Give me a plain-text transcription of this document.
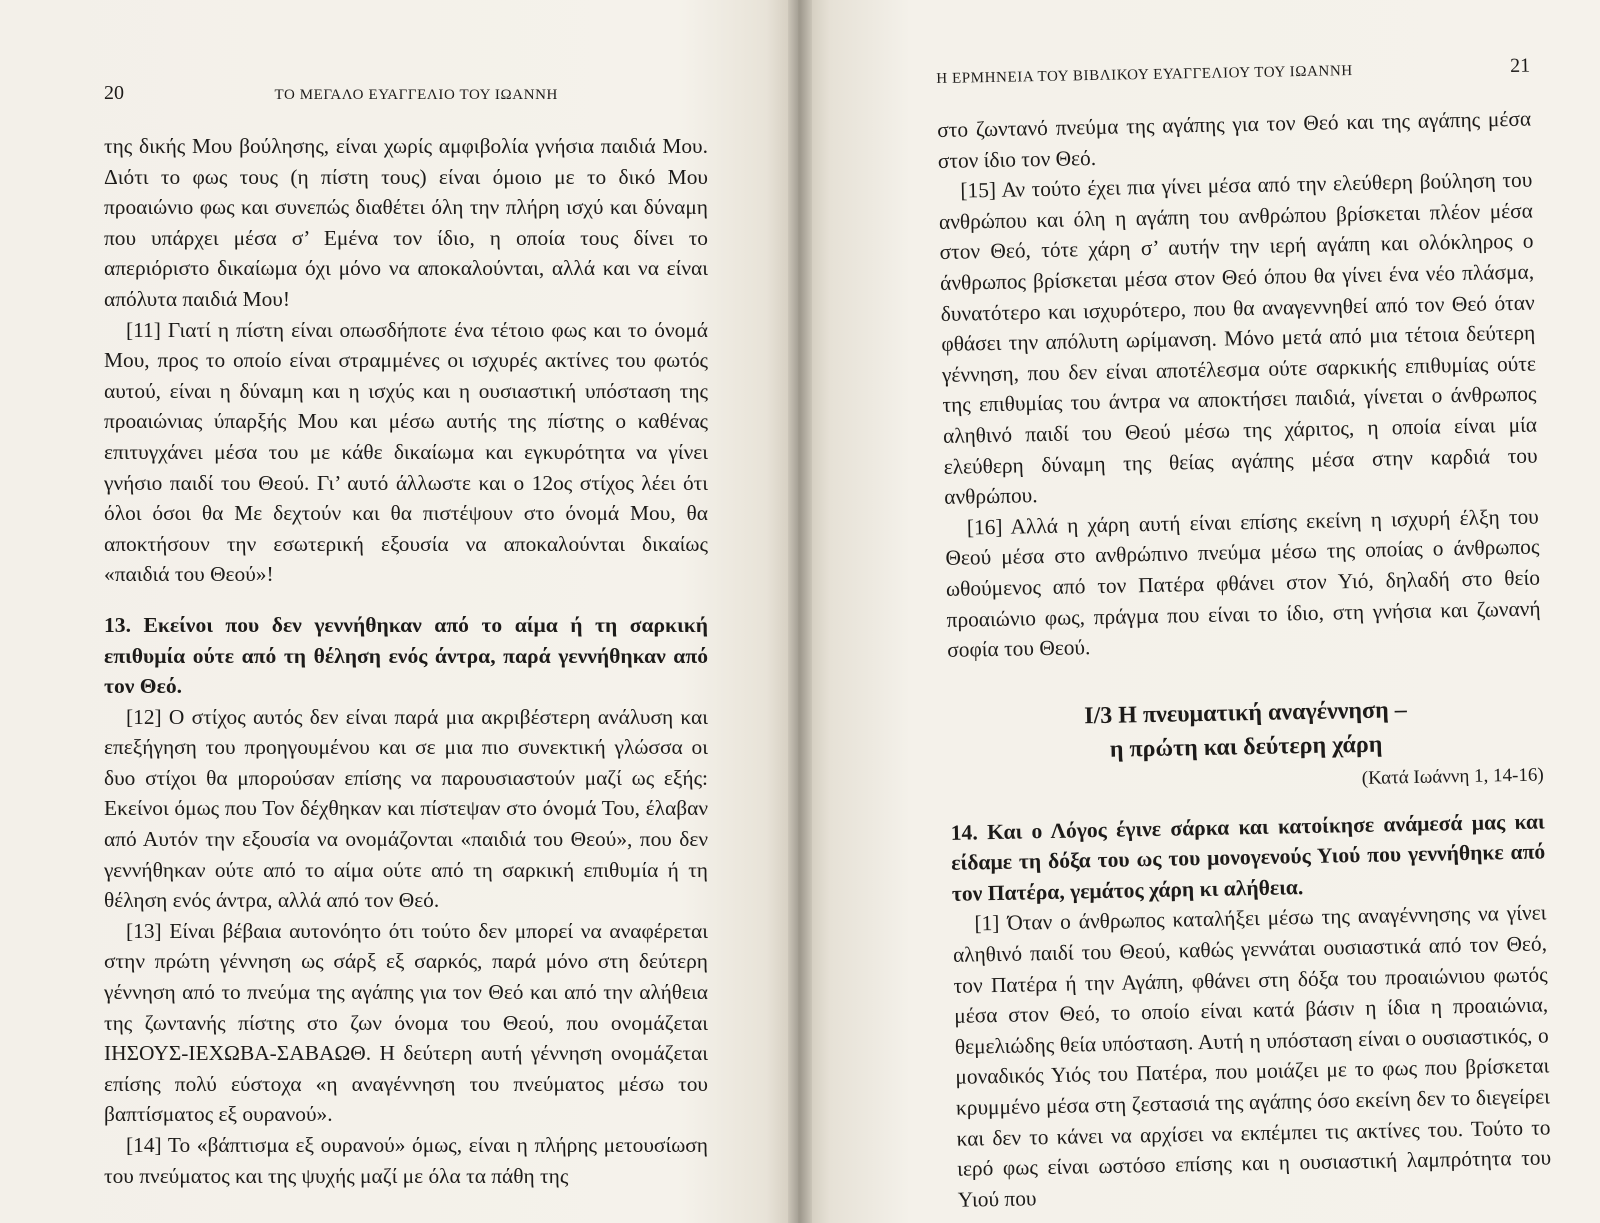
20	ΤΟ ΜΕΓΑΛΟ ΕΥΑΓΓΕΛΙΟ ΤΟΥ ΙΩΑΝΝΗ

της δικής Μου βούλησης, είναι χωρίς αμφιβολία γνήσια παιδιά Μου. Διότι το φως τους (η πίστη τους) είναι όμοιο με το δικό Μου προαιώνιο φως και συνεπώς διαθέτει όλη την πλήρη ισχύ και δύναμη που υπάρχει μέσα σ’ Εμένα τον ίδιο, η οποία τους δίνει το απεριόριστο δικαίωμα όχι μόνο να αποκαλούνται, αλλά και να είναι απόλυτα παιδιά Μου!

[11] Γιατί η πίστη είναι οπωσδήποτε ένα τέτοιο φως και το όνομά Μου, προς το οποίο είναι στραμμένες οι ισχυρές ακτίνες του φωτός αυτού, είναι η δύναμη και η ισχύς και η ουσιαστική υπόσταση της προαιώνιας ύπαρξής Μου και μέσω αυτής της πίστης ο καθένας επιτυγχάνει μέσα του με κάθε δικαίωμα και εγκυρότητα να γίνει γνήσιο παιδί του Θεού. Γι’ αυτό άλλωστε και ο 12ος στίχος λέει ότι όλοι όσοι θα Με δεχτούν και θα πιστέψουν στο όνομά Μου, θα αποκτήσουν την εσωτερική εξουσία να αποκαλούνται δικαίως «παιδιά του Θεού»!

13. Εκείνοι που δεν γεννήθηκαν από το αίμα ή τη σαρκική επιθυμία ούτε από τη θέληση ενός άντρα, παρά γεννήθηκαν από τον Θεό.

[12] Ο στίχος αυτός δεν είναι παρά μια ακριβέστερη ανάλυση και επεξήγηση του προηγουμένου και σε μια πιο συνεκτική γλώσσα οι δυο στίχοι θα μπορούσαν επίσης να παρουσιαστούν μαζί ως εξής: Εκείνοι όμως που Τον δέχθηκαν και πίστεψαν στο όνομά Του, έλαβαν από Αυτόν την εξουσία να ονομάζονται «παιδιά του Θεού», που δεν γεννήθηκαν ούτε από το αίμα ούτε από τη σαρκική επιθυμία ή τη θέληση ενός άντρα, αλλά από τον Θεό.

[13] Είναι βέβαια αυτονόητο ότι τούτο δεν μπορεί να αναφέρεται στην πρώτη γέννηση ως σάρξ εξ σαρκός, παρά μόνο στη δεύτερη γέννηση από το πνεύμα της αγάπης για τον Θεό και από την αλήθεια της ζωντανής πίστης στο ζων όνομα του Θεού, που ονομάζεται ΙΗΣΟΥΣ-ΙΕΧΩΒΑ-ΣΑΒΑΩΘ. Η δεύτερη αυτή γέννηση ονομάζεται επίσης πολύ εύστοχα «η αναγέννηση του πνεύματος μέσω του βαπτίσματος εξ ουρανού».

[14] Το «βάπτισμα εξ ουρανού» όμως, είναι η πλήρης μετουσίωση του πνεύματος και της ψυχής μαζί με όλα τα πάθη της

Η ΕΡΜΗΝΕΙΑ ΤΟΥ ΒΙΒΛΙΚΟΥ ΕΥΑΓΓΕΛΙΟΥ ΤΟΥ ΙΩΑΝΝΗ	21

στο ζωντανό πνεύμα της αγάπης για τον Θεό και της αγάπης μέσα στον ίδιο τον Θεό.

[15] Αν τούτο έχει πια γίνει μέσα από την ελεύθερη βούληση του ανθρώπου και όλη η αγάπη του ανθρώπου βρίσκεται πλέον μέσα στον Θεό, τότε χάρη σ’ αυτήν την ιερή αγάπη και ολόκληρος ο άνθρωπος βρίσκεται μέσα στον Θεό όπου θα γίνει ένα νέο πλάσμα, δυνατότερο και ισχυρότερο, που θα αναγεννηθεί από τον Θεό όταν φθάσει την απόλυτη ωρίμανση. Μόνο μετά από μια τέτοια δεύτερη γέννηση, που δεν είναι αποτέλεσμα ούτε σαρκικής επιθυμίας ούτε της επιθυμίας του άντρα να αποκτήσει παιδιά, γίνεται ο άνθρωπος αληθινό παιδί του Θεού μέσω της χάριτος, η οποία είναι μία ελεύθερη δύναμη της θείας αγάπης μέσα στην καρδιά του ανθρώπου.

[16] Αλλά η χάρη αυτή είναι επίσης εκείνη η ισχυρή έλξη του Θεού μέσα στο ανθρώπινο πνεύμα μέσω της οποίας ο άνθρωπος ωθούμενος από τον Πατέρα φθάνει στον Υιό, δηλαδή στο θείο προαιώνιο φως, πράγμα που είναι το ίδιο, στη γνήσια και ζωνανή σοφία του Θεού.

Ι/3 Η πνευματική αναγέννηση –
η πρώτη και δεύτερη χάρη
(Κατά Ιωάννη 1, 14-16)
14. Και ο Λόγος έγινε σάρκα και κατοίκησε ανάμεσά μας και είδαμε τη δόξα του ως του μονογενούς Υιού που γεννήθηκε από τον Πατέρα, γεμάτος χάρη κι αλήθεια.

[1] Όταν ο άνθρωπος καταλήξει μέσω της αναγέννησης να γίνει αληθινό παιδί του Θεού, καθώς γεννάται ουσιαστικά από τον Θεό, τον Πατέρα ή την Αγάπη, φθάνει στη δόξα του προαιώνιου φωτός μέσα στον Θεό, το οποίο είναι κατά βάσιν η ίδια η προαιώνια, θεμελιώδης θεία υπόσταση. Αυτή η υπόσταση είναι ο ουσιαστικός, ο μοναδικός Υιός του Πατέρα, που μοιάζει με το φως που βρίσκεται κρυμμένο μέσα στη ζεστασιά της αγάπης όσο εκείνη δεν το διεγείρει και δεν το κάνει να αρχίσει να εκπέμπει τις ακτίνες του. Τούτο το ιερό φως είναι ωστόσο επίσης και η ουσιαστική λαμπρότητα του Υιού που
